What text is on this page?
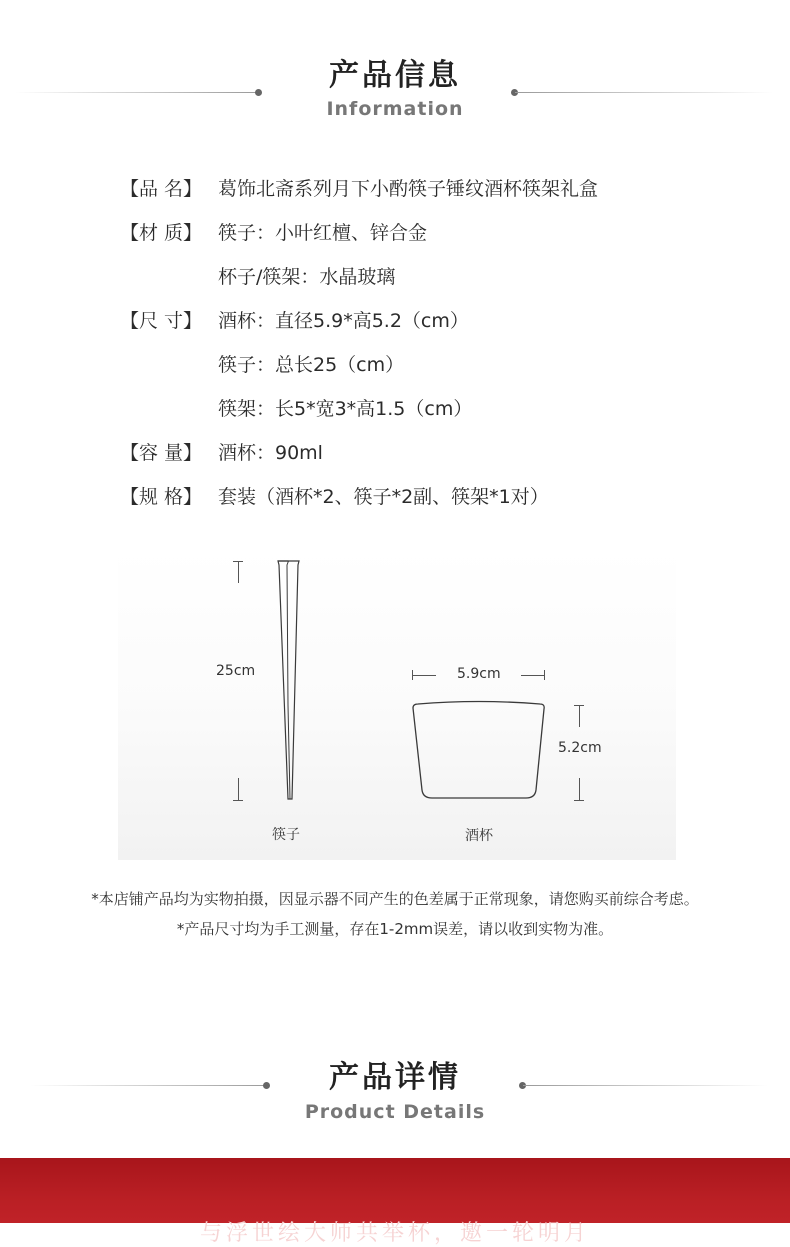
产品信息
Information
【品 名】 葛饰北斋系列月下小酌筷子锤纹酒杯筷架礼盒
【材 质】 筷子：小叶红檀、锌合金
杯子/筷架：水晶玻璃
【尺 寸】 酒杯：直径5.9*高5.2（cm）
筷子：总长25（cm）
筷架：长5*宽3*高1.5（cm）
【容 量】 酒杯：90ml
【规 格】 套装（酒杯*2、筷子*2副、筷架*1对）
25cm
筷子
5.9cm
5.2cm
酒杯
*本店铺产品均为实物拍摄，因显示器不同产生的色差属于正常现象，请您购买前综合考虑。
*产品尺寸均为手工测量，存在1-2mm误差，请以收到实物为准。
产品详情
Product Details
与浮世绘大师共举杯，邀一轮明月
